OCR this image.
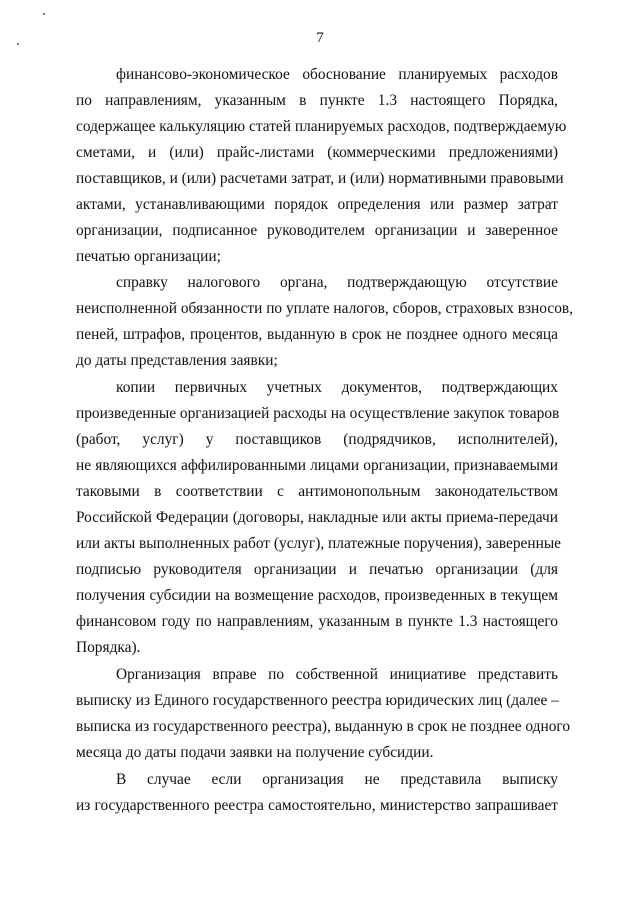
7
финансово-экономическое обоснование планируемых расходов
по направлениям, указанным в пункте 1.3 настоящего Порядка,
содержащее калькуляцию статей планируемых расходов, подтверждаемую
сметами, и (или) прайс-листами (коммерческими предложениями)
поставщиков, и (или) расчетами затрат, и (или) нормативными правовыми
актами, устанавливающими порядок определения или размер затрат
организации, подписанное руководителем организации и заверенное
печатью организации;
справку налогового органа, подтверждающую отсутствие
неисполненной обязанности по уплате налогов, сборов, страховых взносов,
пеней, штрафов, процентов, выданную в срок не позднее одного месяца
до даты представления заявки;
копии первичных учетных документов, подтверждающих
произведенные организацией расходы на осуществление закупок товаров
(работ, услуг) у поставщиков (подрядчиков, исполнителей),
не являющихся аффилированными лицами организации, признаваемыми
таковыми в соответствии с антимонопольным законодательством
Российской Федерации (договоры, накладные или акты приема-передачи
или акты выполненных работ (услуг), платежные поручения), заверенные
подписью руководителя организации и печатью организации (для
получения субсидии на возмещение расходов, произведенных в текущем
финансовом году по направлениям, указанным в пункте 1.3 настоящего
Порядка).
Организация вправе по собственной инициативе представить
выписку из Единого государственного реестра юридических лиц (далее –
выписка из государственного реестра), выданную в срок не позднее одного
месяца до даты подачи заявки на получение субсидии.
В случае если организация не представила выписку
из государственного реестра самостоятельно, министерство запрашивает
